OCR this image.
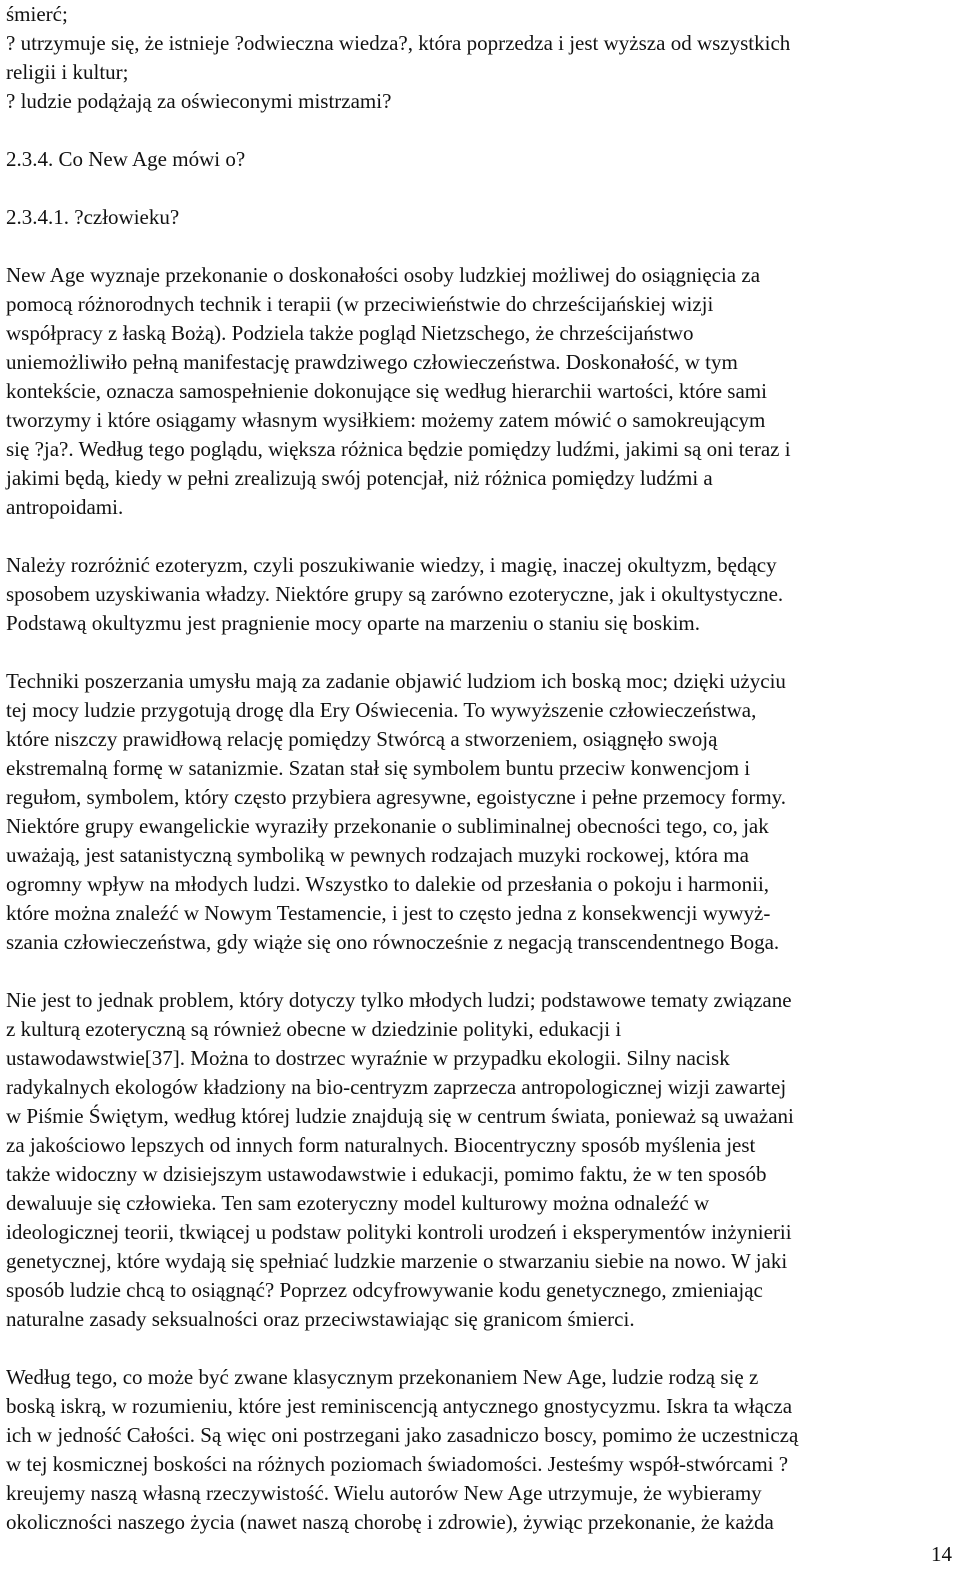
śmierć;
? utrzymuje się, że istnieje ?odwieczna wiedza?, która poprzedza i jest wyższa od wszystkich
religii i kultur;
? ludzie podążają za oświeconymi mistrzami?
2.3.4. Co New Age mówi o?
2.3.4.1. ?człowieku?
New Age wyznaje przekonanie o doskonałości osoby ludzkiej możliwej do osiągnięcia za
pomocą różnorodnych technik i terapii (w przeciwieństwie do chrześcijańskiej wizji
współpracy z łaską Bożą). Podziela także pogląd Nietzschego, że chrześcijaństwo
uniemożliwiło pełną manifestację prawdziwego człowieczeństwa. Doskonałość, w tym
kontekście, oznacza samospełnienie dokonujące się według hierarchii wartości, które sami
tworzymy i które osiągamy własnym wysiłkiem: możemy zatem mówić o samokreującym
się ?ja?. Według tego poglądu, większa różnica będzie pomiędzy ludźmi, jakimi są oni teraz i
jakimi będą, kiedy w pełni zrealizują swój potencjał, niż różnica pomiędzy ludźmi a
antropoidami.
Należy rozróżnić ezoteryzm, czyli poszukiwanie wiedzy, i magię, inaczej okultyzm, będący
sposobem uzyskiwania władzy. Niektóre grupy są zarówno ezoteryczne, jak i okultystyczne.
Podstawą okultyzmu jest pragnienie mocy oparte na marzeniu o staniu się boskim.
Techniki poszerzania umysłu mają za zadanie objawić ludziom ich boską moc; dzięki użyciu
tej mocy ludzie przygotują drogę dla Ery Oświecenia. To wywyższenie człowieczeństwa,
które niszczy prawidłową relację pomiędzy Stwórcą a stworzeniem, osiągnęło swoją
ekstremalną formę w satanizmie. Szatan stał się symbolem buntu przeciw konwencjom i
regułom, symbolem, który często przybiera agresywne, egoistyczne i pełne przemocy formy.
Niektóre grupy ewangelickie wyraziły przekonanie o subliminalnej obecności tego, co, jak
uważają, jest satanistyczną symboliką w pewnych rodzajach muzyki rockowej, która ma
ogromny wpływ na młodych ludzi. Wszystko to dalekie od przesłania o pokoju i harmonii,
które można znaleźć w Nowym Testamencie, i jest to często jedna z konsekwencji wywyż-
szania człowieczeństwa, gdy wiąże się ono równocześnie z negacją transcendentnego Boga.
Nie jest to jednak problem, który dotyczy tylko młodych ludzi; podstawowe tematy związane
z kulturą ezoteryczną są również obecne w dziedzinie polityki, edukacji i
ustawodawstwie[37]. Można to dostrzec wyraźnie w przypadku ekologii. Silny nacisk
radykalnych ekologów kładziony na bio-centryzm zaprzecza antropologicznej wizji zawartej
w Piśmie Świętym, według której ludzie znajdują się w centrum świata, ponieważ są uważani
za jakościowo lepszych od innych form naturalnych. Biocentryczny sposób myślenia jest
także widoczny w dzisiejszym ustawodawstwie i edukacji, pomimo faktu, że w ten sposób
dewaluuje się człowieka. Ten sam ezoteryczny model kulturowy można odnaleźć w
ideologicznej teorii, tkwiącej u podstaw polityki kontroli urodzeń i eksperymentów inżynierii
genetycznej, które wydają się spełniać ludzkie marzenie o stwarzaniu siebie na nowo. W jaki
sposób ludzie chcą to osiągnąć? Poprzez odcyfrowywanie kodu genetycznego, zmieniając
naturalne zasady seksualności oraz przeciwstawiając się granicom śmierci.
Według tego, co może być zwane klasycznym przekonaniem New Age, ludzie rodzą się z
boską iskrą, w rozumieniu, które jest reminiscencją antycznego gnostycyzmu. Iskra ta włącza
ich w jedność Całości. Są więc oni postrzegani jako zasadniczo boscy, pomimo że uczestniczą
w tej kosmicznej boskości na różnych poziomach świadomości. Jesteśmy współ-stwórcami ?
kreujemy naszą własną rzeczywistość. Wielu autorów New Age utrzymuje, że wybieramy
okoliczności naszego życia (nawet naszą chorobę i zdrowie), żywiąc przekonanie, że każda
14
